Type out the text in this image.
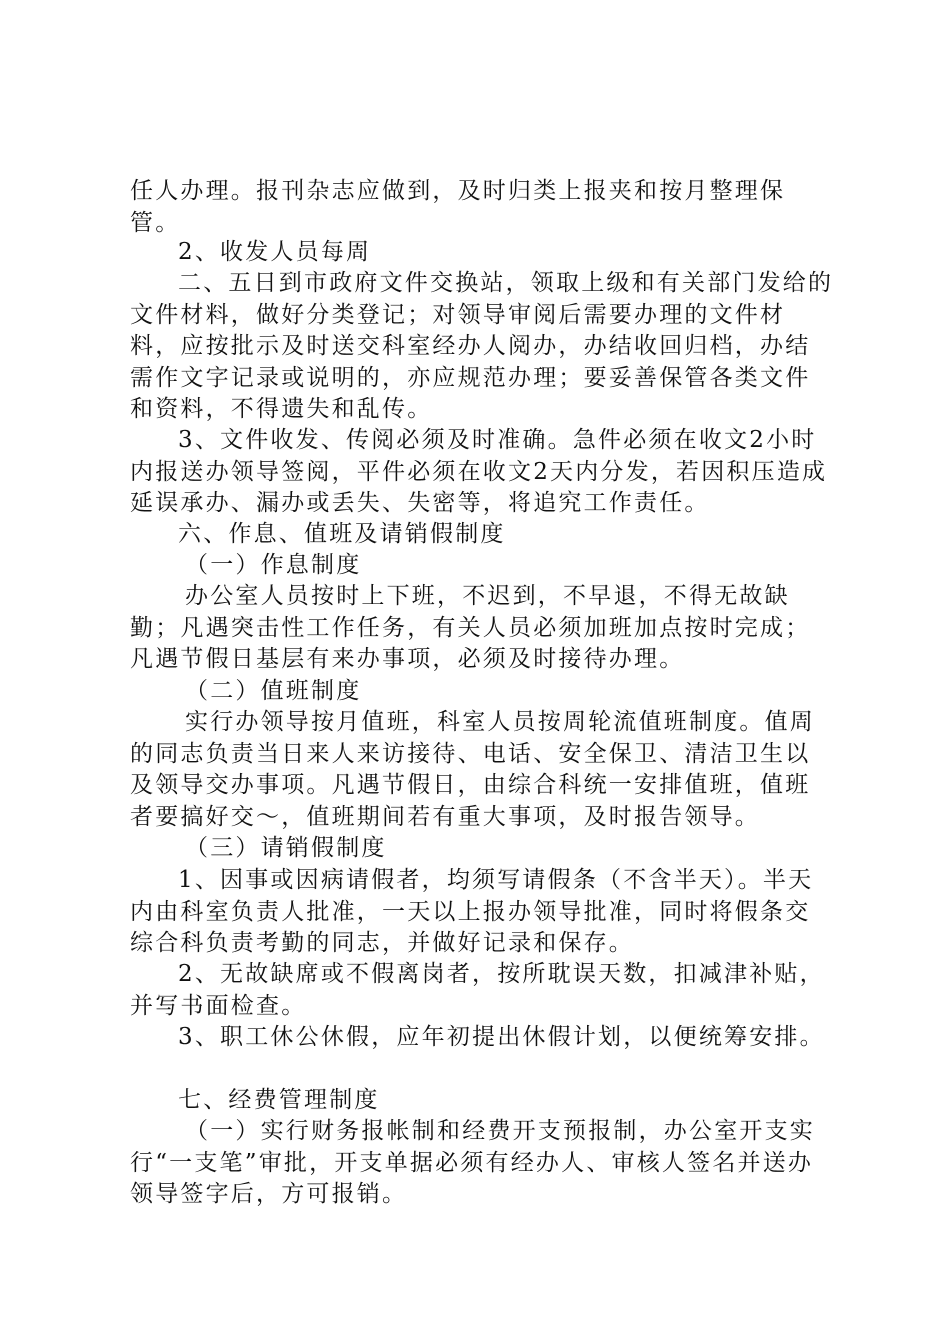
任人办理。报刊杂志应做到，及时归类上报夹和按月整理保管。

2、收发人员每周

二、五日到市政府文件交换站，领取上级和有关部门发给的文件材料，做好分类登记；对领导审阅后需要办理的文件材料，应按批示及时送交科室经办人阅办，办结收回归档，办结需作文字记录或说明的，亦应规范办理；要妥善保管各类文件和资料，不得遗失和乱传。

3、文件收发、传阅必须及时准确。急件必须在收文2小时内报送办领导签阅，平件必须在收文2天内分发，若因积压造成延误承办、漏办或丢失、失密等，将追究工作责任。

六、作息、值班及请销假制度

（一）作息制度

办公室人员按时上下班，不迟到，不早退，不得无故缺勤；凡遇突击性工作任务，有关人员必须加班加点按时完成；凡遇节假日基层有来办事项，必须及时接待办理。

（二）值班制度

实行办领导按月值班，科室人员按周轮流值班制度。值周的同志负责当日来人来访接待、电话、安全保卫、清洁卫生以及领导交办事项。凡遇节假日，由综合科统一安排值班，值班者要搞好交～，值班期间若有重大事项，及时报告领导。

（三）请销假制度

1、因事或因病请假者，均须写请假条（不含半天）。半天内由科室负责人批准，一天以上报办领导批准，同时将假条交综合科负责考勤的同志，并做好记录和保存。

2、无故缺席或不假离岗者，按所耽误天数，扣减津补贴，并写书面检查。

3、职工休公休假，应年初提出休假计划，以便统筹安排。

七、经费管理制度

（一）实行财务报帐制和经费开支预报制，办公室开支实行“一支笔”审批，开支单据必须有经办人、审核人签名并送办领导签字后，方可报销。
